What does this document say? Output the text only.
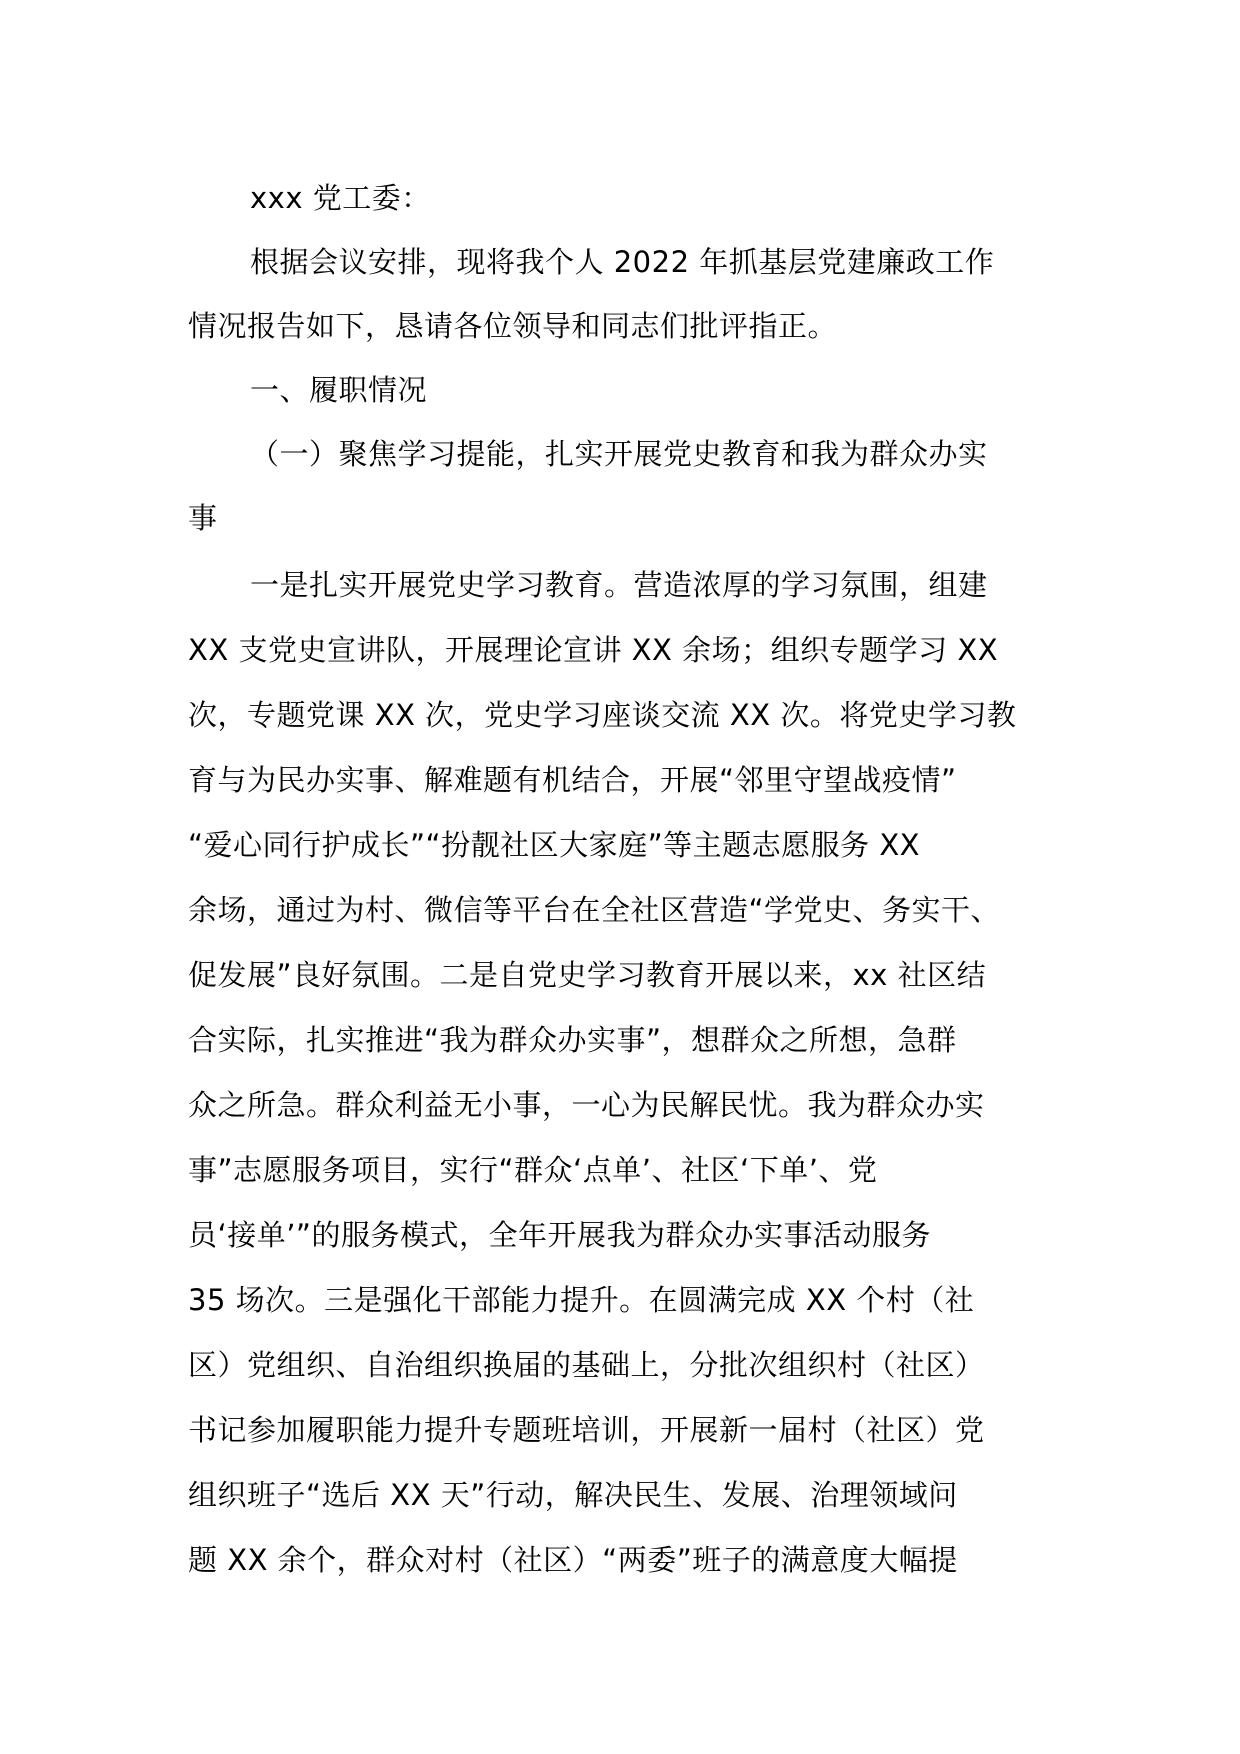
xxx 党工委：
根据会议安排，现将我个人 2022 年抓基层党建廉政工作
情况报告如下，恳请各位领导和同志们批评指正。
一、履职情况
（一）聚焦学习提能，扎实开展党史教育和我为群众办实
事
一是扎实开展党史学习教育。营造浓厚的学习氛围，组建
XX 支党史宣讲队，开展理论宣讲 XX 余场；组织专题学习 XX
次，专题党课 XX 次，党史学习座谈交流 XX 次。将党史学习教
育与为民办实事、解难题有机结合，开展“邻里守望战疫情”
“爱心同行护成长”“扮靓社区大家庭”等主题志愿服务 XX
余场，通过为村、微信等平台在全社区营造“学党史、务实干、
促发展”良好氛围。二是自党史学习教育开展以来，xx 社区结
合实际，扎实推进“我为群众办实事”，想群众之所想，急群
众之所急。群众利益无小事，一心为民解民忧。我为群众办实
事”志愿服务项目，实行“群众‘点单’、社区‘下单’、党
员‘接单’”的服务模式，全年开展我为群众办实事活动服务
35 场次。三是强化干部能力提升。在圆满完成 XX 个村（社
区）党组织、自治组织换届的基础上，分批次组织村（社区）
书记参加履职能力提升专题班培训，开展新一届村（社区）党
组织班子“选后 XX 天”行动，解决民生、发展、治理领域问
题 XX 余个，群众对村（社区）“两委”班子的满意度大幅提
